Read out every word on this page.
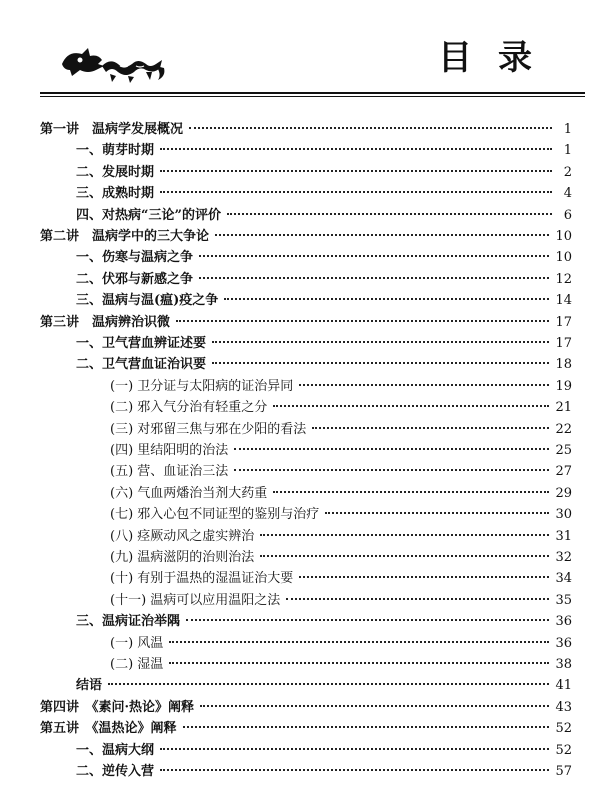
目录
第一讲　温病学发展概况	1
一、萌芽时期	1
二、发展时期	2
三、成熟时期	4
四、对热病“三论”的评价	6
第二讲　温病学中的三大争论	10
一、伤寒与温病之争	10
二、伏邪与新感之争	12
三、温病与温(瘟)疫之争	14
第三讲　温病辨治识微	17
一、卫气营血辨证述要	17
二、卫气营血证治识要	18
(一) 卫分证与太阳病的证治异同	19
(二) 邪入气分治有轻重之分	21
(三) 对邪留三焦与邪在少阳的看法	22
(四) 里结阳明的治法	25
(五) 营、血证治三法	27
(六) 气血两燔治当剂大药重	29
(七) 邪入心包不同证型的鉴别与治疗	30
(八) 痉厥动风之虚实辨治	31
(九) 温病滋阴的治则治法	32
(十) 有别于温热的湿温证治大要	34
(十一) 温病可以应用温阳之法	35
三、温病证治举隅	36
(一) 风温	36
(二) 湿温	38
结语	41
第四讲　《素问·热论》阐释	43
第五讲　《温热论》阐释	52
一、温病大纲	52
二、逆传入营	57
